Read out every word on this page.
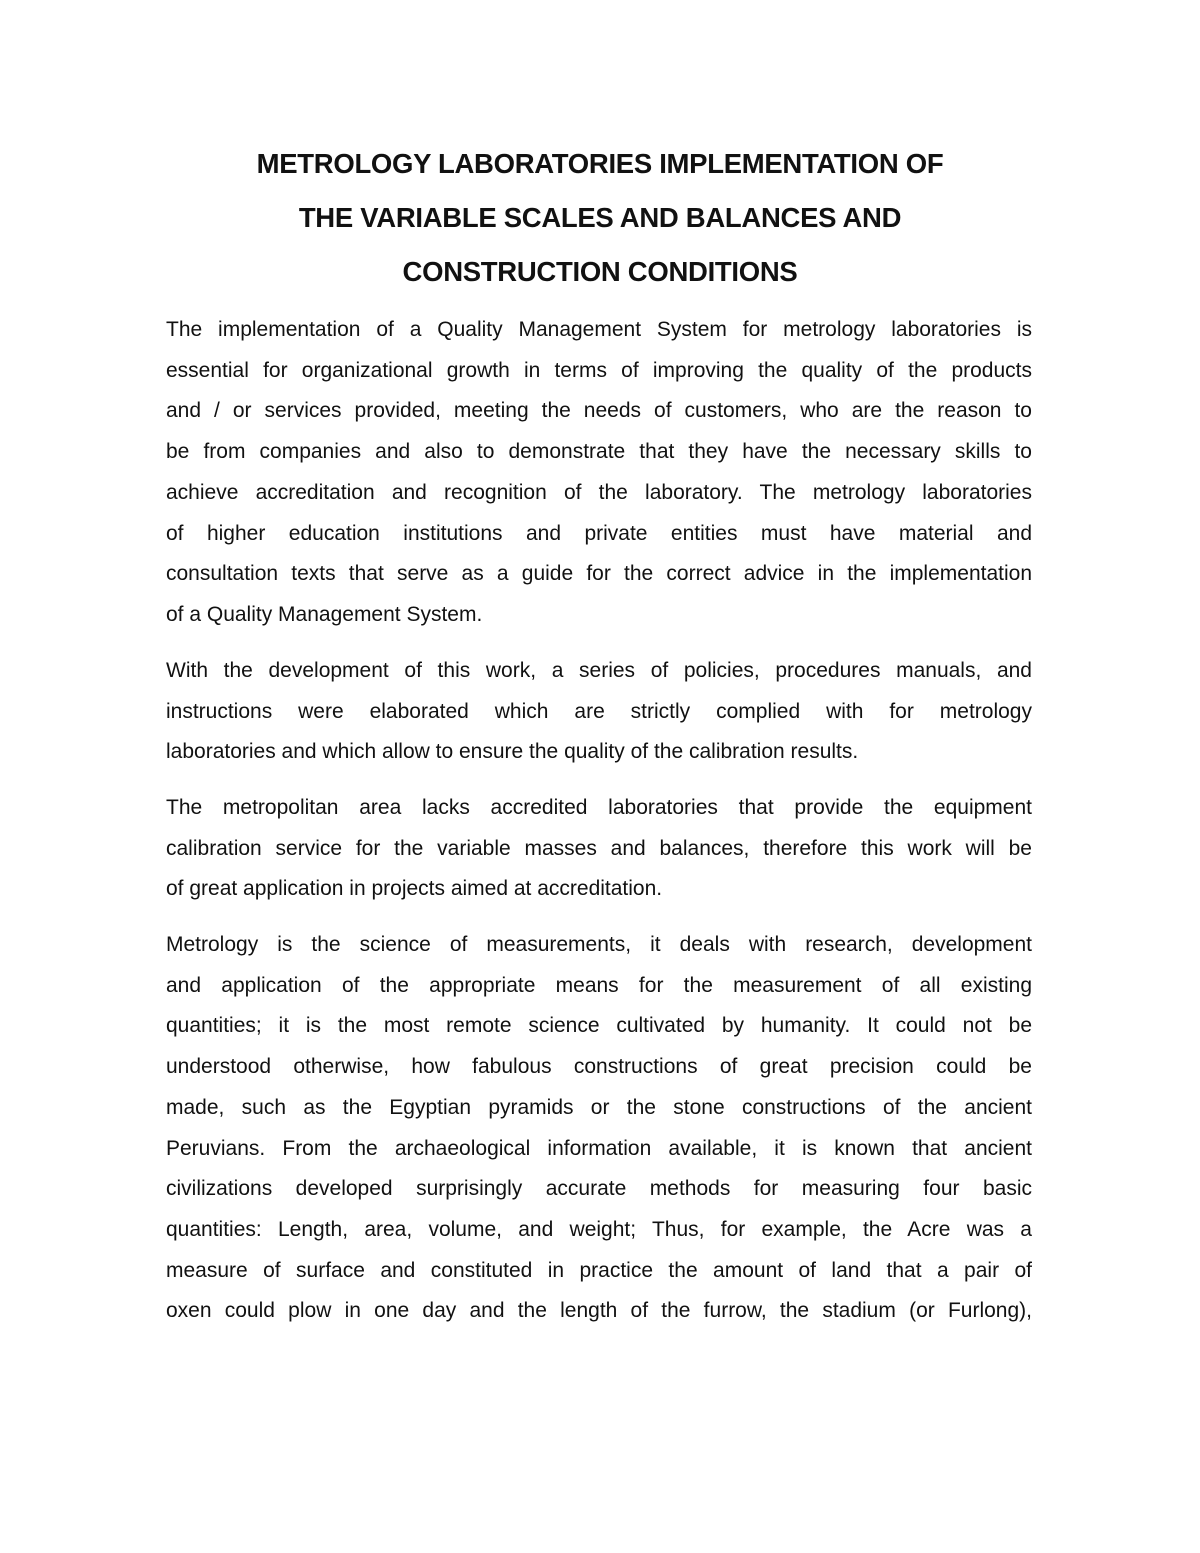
METROLOGY LABORATORIES IMPLEMENTATION OF
THE VARIABLE SCALES AND BALANCES AND
CONSTRUCTION CONDITIONS

The implementation of a Quality Management System for metrology laboratories is
essential for organizational growth in terms of improving the quality of the products
and / or services provided, meeting the needs of customers, who are the reason to
be from companies and also to demonstrate that they have the necessary skills to
achieve accreditation and recognition of the laboratory. The metrology laboratories
of higher education institutions and private entities must have material and
consultation texts that serve as a guide for the correct advice in the implementation
of a Quality Management System.

With the development of this work, a series of policies, procedures manuals, and
instructions were elaborated which are strictly complied with for metrology
laboratories and which allow to ensure the quality of the calibration results.

The metropolitan area lacks accredited laboratories that provide the equipment
calibration service for the variable masses and balances, therefore this work will be
of great application in projects aimed at accreditation.

Metrology is the science of measurements, it deals with research, development
and application of the appropriate means for the measurement of all existing
quantities; it is the most remote science cultivated by humanity. It could not be
understood otherwise, how fabulous constructions of great precision could be
made, such as the Egyptian pyramids or the stone constructions of the ancient
Peruvians. From the archaeological information available, it is known that ancient
civilizations developed surprisingly accurate methods for measuring four basic
quantities: Length, area, volume, and weight; Thus, for example, the Acre was a
measure of surface and constituted in practice the amount of land that a pair of
oxen could plow in one day and the length of the furrow, the stadium (or Furlong),
